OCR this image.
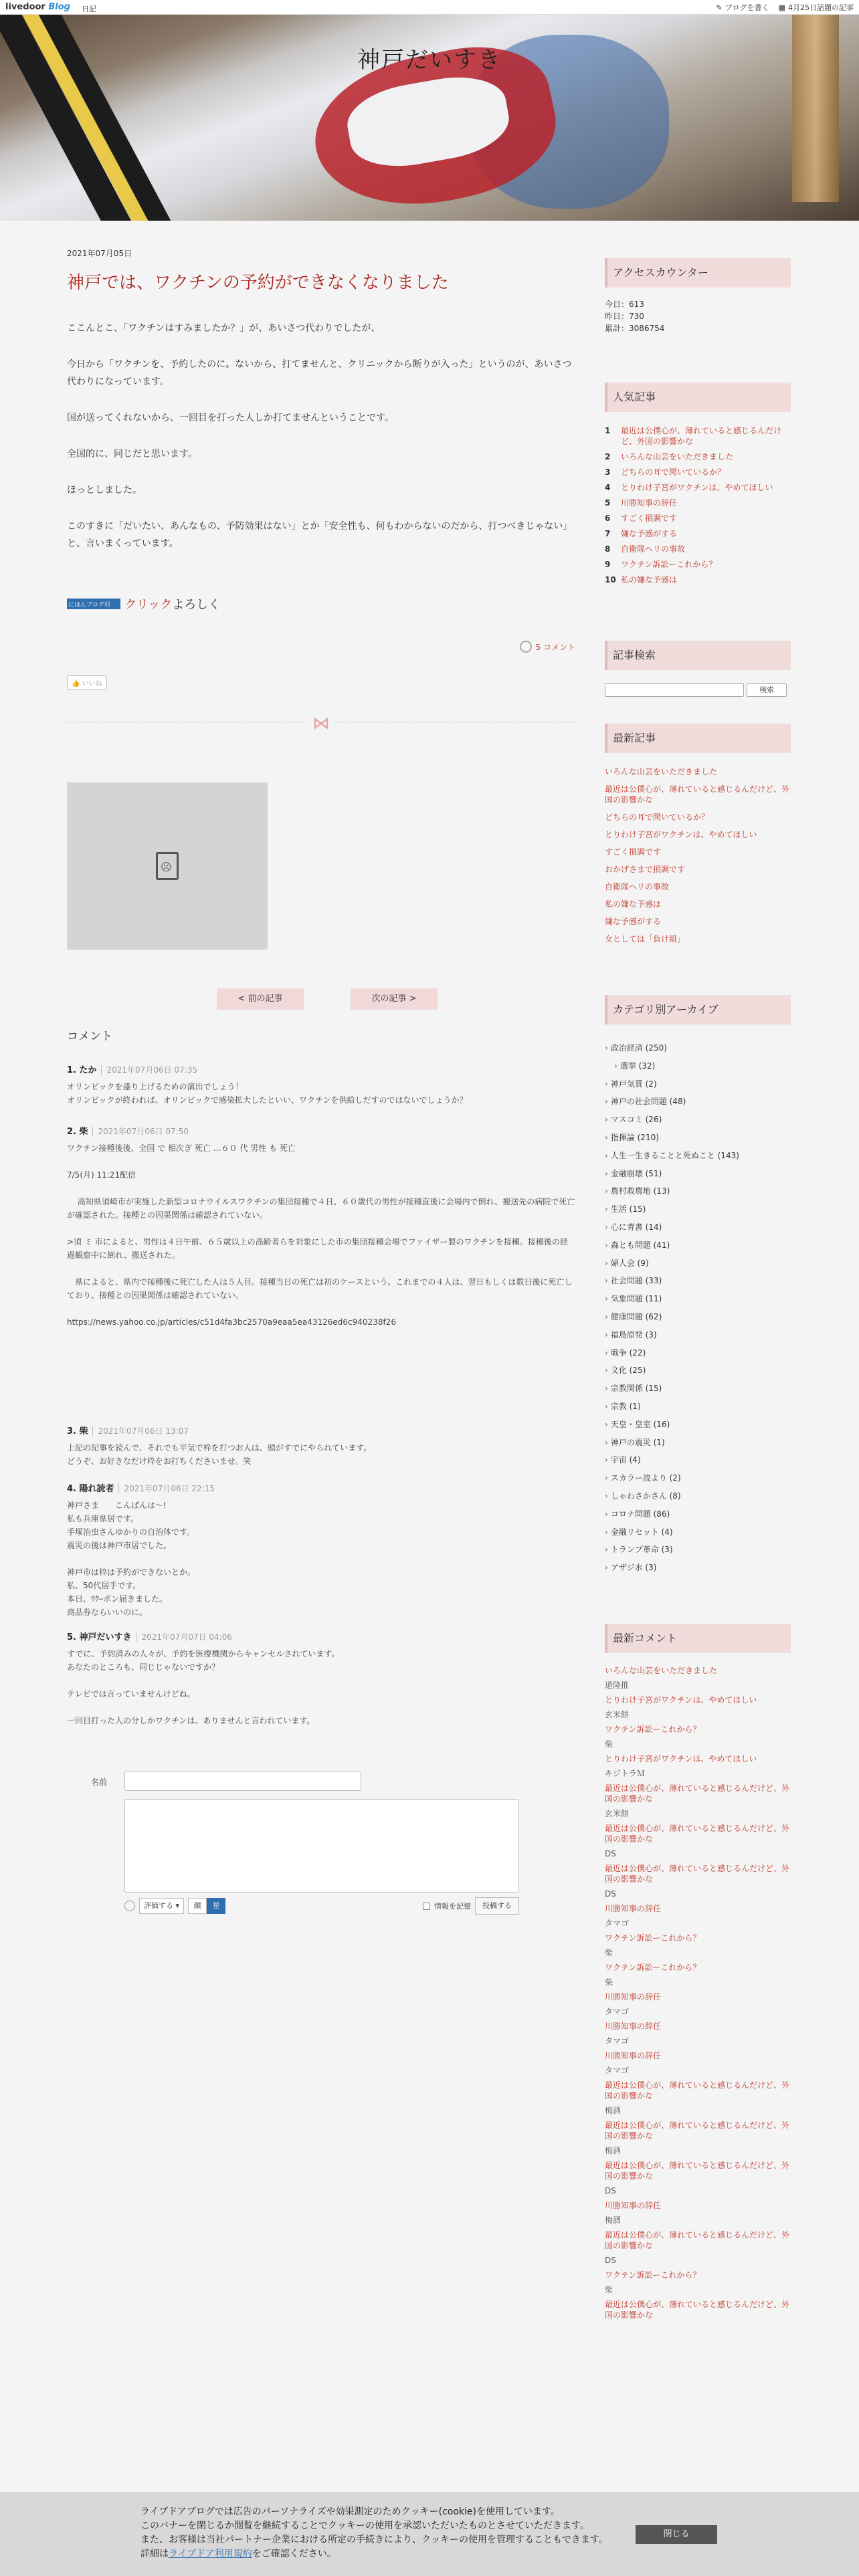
livedoor Blog 日記	✎ ブログを書く ▦ 4月25日話題の記事
神戸だいすき
2021年07月05日
神戸では、ワクチンの予約ができなくなりました
ここんとこ、「ワクチンはすみましたか？」が、あいさつ代わりでしたが、
今日から「ワクチンを、予約したのに。ないから、打てませんと、クリニックから断りが入った」というのが、あいさつ代わりになっています。
国が送ってくれないから、一回目を打った人しか打てませんということです。
全国的に、同じだと思います。
ほっとしました。
このすきに「だいたい、あんなもの、予防効果はない」とか「安全性も、何もわからないのだから、打つべきじゃない」と、言いまくっています。
にほんブログ村	クリックよろしく
5 コメント
👍 いいね
⋈
☹
< 前の記事	次の記事 >
コメント
1. たか 2021年07月06日 07:35
オリンピックを盛り上げるための演出でしょう！
オリンピックが終われば、オリンピックで感染拡大したといい、ワクチンを供給しだすのではないでしょうか？
2. 柴 2021年07月06日 07:50
ワクチン接種後後、全国 で 相次ぎ 死亡 …６０ 代 男性 も 死亡

7/5(月) 11:21配信

　 高知県須崎市が実施した新型コロナウイルスワクチンの集団接種で４日、６０歳代の男性が接種直後に会場内で倒れ、搬送先の病院で死亡が確認された。接種との因果関係は確認されていない。

>須 ミ 市によると、男性は４日午前、６５歳以上の高齢者らを対象にした市の集団接種会場でファイザー製のワクチンを接種。接種後の経過観察中に倒れ、搬送された。

　県によると、県内で接種後に死亡した人は５人目。接種当日の死亡は初のケースという。これまでの４人は、翌日もしくは数日後に死亡しており、接種との因果関係は確認されていない。

https://news.yahoo.co.jp/articles/c51d4fa3bc2570a9eaa5ea43126ed6c940238f26
3. 柴 2021年07月06日 13:07
上記の記事を読んで、それでも平気で枠を打つお人は、頭がすでにやられています。
どうぞ、お好きなだけ枠をお打ちくださいませ。笑
4. 陽れ読者 2021年07月06日 22:15
神戸さま　　こんばんは〜!
私も兵庫県居です。
手塚治虫さんゆかりの自治体です。
震災の後は神戸市居でした。

神戸市は枠は予約ができないとか。
私、50代居手です。
本日、ﾜｸｰポン届きました。
商品券ならいいのに。
5. 神戸だいすき 2021年07月07日 04:06
すでに、予約済みの人々が、予約を医療機関からキャンセルされています。
あなたのところも、同じじゃないですか？

テレビでは言っていませんけどね。

一回目打った人の分しかワクチンは、ありませんと言われています。
名前
評価する ▾	顔	星	情報を記憶	投稿する
アクセスカウンター
今日：613
昨日：730
累計：3086754
人気記事
1	最近は公僕心が、薄れていると感じるんだけど、外国の影響かな
2	いろんな山芸をいただきました
3	どちらの耳で聞いているか？
4	とりわけ子宮がワクチンは、やめてほしい
5	川勝知事の辞任
6	すごく損調です
7	嫌な予感がする
8	自衛隊ヘリの事故
9	ワクチン訴訟ーこれから？
10 私の嫌な予感は
記事検索
検索
最新記事
いろんな山芸をいただきました
最近は公僕心が、薄れていると感じるんだけど、外国の影響かな
どちらの耳で聞いているか？
とりわけ子宮がワクチンは、やめてほしい
すごく損調です
おかげさまで損調です
自衛隊ヘリの事故
私の嫌な予感は
嫌な予感がする
女としては「負け組」
カテゴリ別アーカイブ
› 政治経済 (250)
› 選挙 (32)
› 神戸気質 (2)
› 神戸の社会問題 (48)
› マスコミ (26)
› 指揮論 (210)
› 人生一生きることと死ぬこと (143)
› 金融崩壊 (51)
› 農村救農地 (13)
› 生活 (15)
› 心に青書 (14)
› 森とも問題 (41)
› 婦人会 (9)
› 社会問題 (33)
› 気象問題 (11)
› 健康問題 (62)
› 福島原発 (3)
› 戦争 (22)
› 文化 (25)
› 宗教関係 (15)
› 宗教 (1)
› 天皇・皇室 (16)
› 神戸の震災 (1)
› 宇宙 (4)
› スカラー波より (2)
› しゃわさかさん (8)
› コロナ問題 (86)
› 金融リセット (4)
› トランプ革命 (3)
› アザジ水 (3)
最新コメント
いろんな山芸をいただきました
道隆推
とりわけ子宮がワクチンは、やめてほしい
玄米餅
ワクチン訴訟ーこれから？
柴
とりわけ子宮がワクチンは、やめてほしい
キジトラＭ
最近は公僕心が、薄れていると感じるんだけど、外国の影響かな
玄米餅
最近は公僕心が、薄れていると感じるんだけど、外国の影響かな
DS
最近は公僕心が、薄れていると感じるんだけど、外国の影響かな
DS
川勝知事の辞任
タマゴ
ワクチン訴訟ーこれから？
柴
ワクチン訴訟ーこれから？
柴
川勝知事の辞任
タマゴ
川勝知事の辞任
タマゴ
川勝知事の辞任
タマゴ
最近は公僕心が、薄れていると感じるんだけど、外国の影響かな
梅酒
最近は公僕心が、薄れていると感じるんだけど、外国の影響かな
梅酒
最近は公僕心が、薄れていると感じるんだけど、外国の影響かな
DS
川勝知事の辞任
梅酒
最近は公僕心が、薄れていると感じるんだけど、外国の影響かな
DS
ワクチン訴訟ーこれから？
柴
最近は公僕心が、薄れていると感じるんだけど、外国の影響かな
ライブドアブログでは広告のパーソナライズや効果測定のためクッキー(cookie)を使用しています。
このバナーを閉じるか閲覧を継続することでクッキーの使用を承認いただいたものとさせていただきます。
また、お客様は当社パートナー企業における所定の手続きにより、クッキーの使用を管理することもできます。
詳細はライブドア利用規約をご確認ください。
閉じる
